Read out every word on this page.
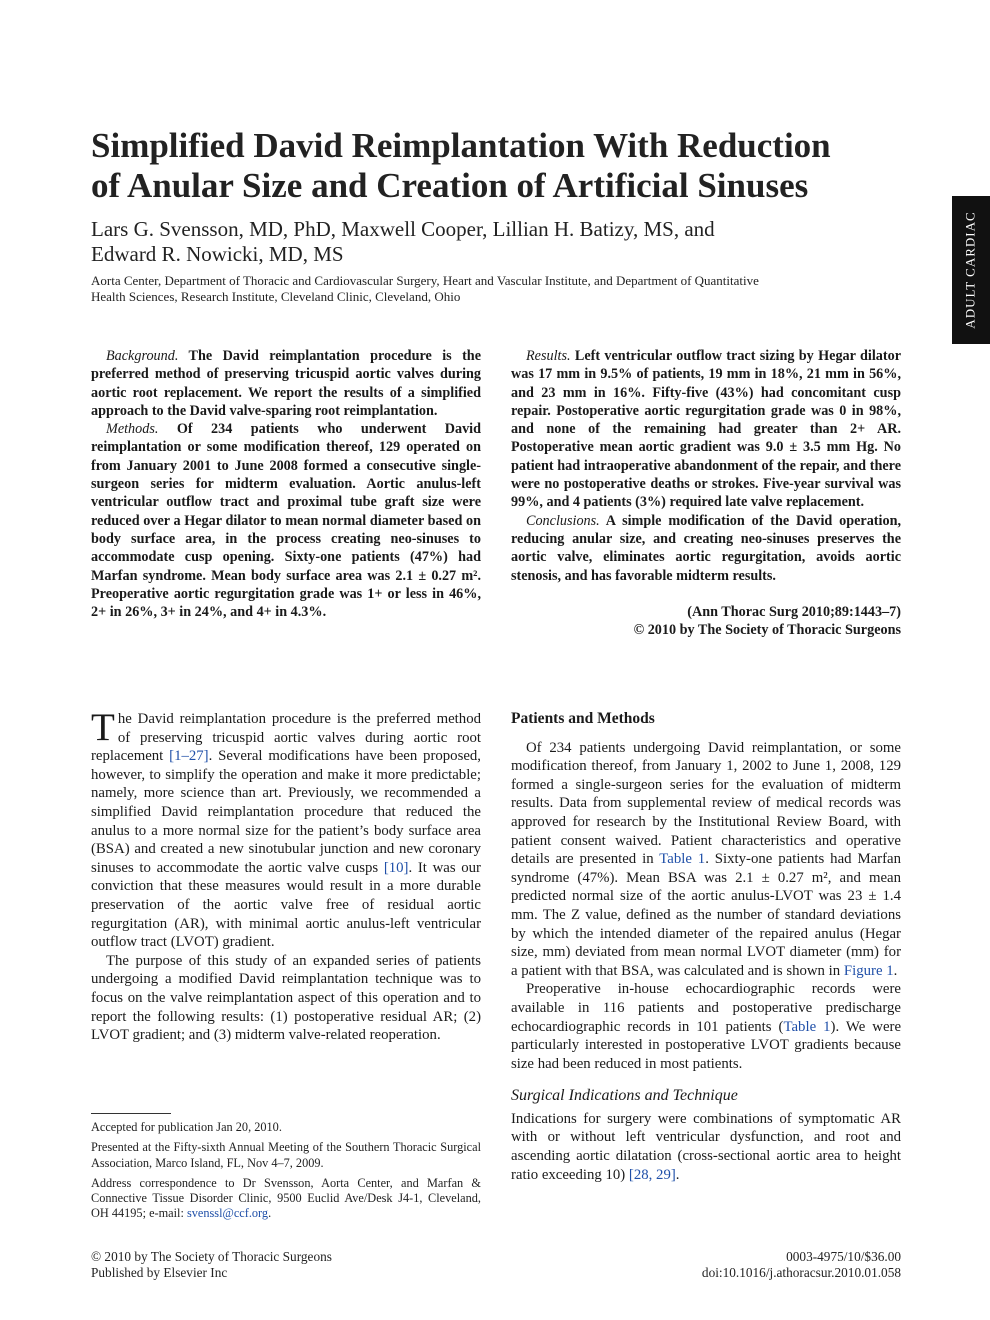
ADULT CARDIAC
Simplified David Reimplantation With Reduction
of Anular Size and Creation of Artificial Sinuses
Lars G. Svensson, MD, PhD, Maxwell Cooper, Lillian H. Batizy, MS, and
Edward R. Nowicki, MD, MS
Aorta Center, Department of Thoracic and Cardiovascular Surgery, Heart and Vascular Institute, and Department of Quantitative
Health Sciences, Research Institute, Cleveland Clinic, Cleveland, Ohio

Background. The David reimplantation procedure is the preferred method of preserving tricuspid aortic valves during aortic root replacement. We report the results of a simplified approach to the David valve-sparing root reimplantation.

Methods. Of 234 patients who underwent David reimplantation or some modification thereof, 129 operated on from January 2001 to June 2008 formed a consecutive single-surgeon series for midterm evaluation. Aortic anulus-left ventricular outflow tract and proximal tube graft size were reduced over a Hegar dilator to mean normal diameter based on body surface area, in the process creating neo-sinuses to accommodate cusp opening. Sixty-one patients (47%) had Marfan syndrome. Mean body surface area was 2.1 ± 0.27 m². Preoperative aortic regurgitation grade was 1+ or less in 46%, 2+ in 26%, 3+ in 24%, and 4+ in 4.3%.

Results. Left ventricular outflow tract sizing by Hegar dilator was 17 mm in 9.5% of patients, 19 mm in 18%, 21 mm in 56%, and 23 mm in 16%. Fifty-five (43%) had concomitant cusp repair. Postoperative aortic regurgitation grade was 0 in 98%, and none of the remaining had greater than 2+ AR. Postoperative mean aortic gradient was 9.0 ± 3.5 mm Hg. No patient had intraoperative abandonment of the repair, and there were no postoperative deaths or strokes. Five-year survival was 99%, and 4 patients (3%) required late valve replacement.

Conclusions. A simple modification of the David operation, reducing anular size, and creating neo-sinuses preserves the aortic valve, eliminates aortic regurgitation, avoids aortic stenosis, and has favorable midterm results.

(Ann Thorac Surg 2010;89:1443–7)
© 2010 by The Society of Thoracic Surgeons

The David reimplantation procedure is the preferred method of preserving tricuspid aortic valves during aortic root replacement [1–27]. Several modifications have been proposed, however, to simplify the operation and make it more predictable; namely, more science than art. Previously, we recommended a simplified David reimplantation procedure that reduced the anulus to a more normal size for the patient’s body surface area (BSA) and created a new sinotubular junction and new coronary sinuses to accommodate the aortic valve cusps [10]. It was our conviction that these measures would result in a more durable preservation of the aortic valve free of residual aortic regurgitation (AR), with minimal aortic anulus-left ventricular outflow tract (LVOT) gradient.

The purpose of this study of an expanded series of patients undergoing a modified David reimplantation technique was to focus on the valve reimplantation aspect of this operation and to report the following results: (1) postoperative residual AR; (2) LVOT gradient; and (3) midterm valve-related reoperation.

Accepted for publication Jan 20, 2010.

Presented at the Fifty-sixth Annual Meeting of the Southern Thoracic Surgical Association, Marco Island, FL, Nov 4–7, 2009.

Address correspondence to Dr Svensson, Aorta Center, and Marfan & Connective Tissue Disorder Clinic, 9500 Euclid Ave/Desk J4-1, Cleveland, OH 44195; e-mail: svenssl@ccf.org.

Patients and Methods

Of 234 patients undergoing David reimplantation, or some modification thereof, from January 1, 2002 to June 1, 2008, 129 formed a single-surgeon series for the evaluation of midterm results. Data from supplemental review of medical records was approved for research by the Institutional Review Board, with patient consent waived. Patient characteristics and operative details are presented in Table 1. Sixty-one patients had Marfan syndrome (47%). Mean BSA was 2.1 ± 0.27 m², and mean predicted normal size of the aortic anulus-LVOT was 23 ± 1.4 mm. The Z value, defined as the number of standard deviations by which the intended diameter of the repaired anulus (Hegar size, mm) deviated from mean normal LVOT diameter (mm) for a patient with that BSA, was calculated and is shown in Figure 1.

Preoperative in-house echocardiographic records were available in 116 patients and postoperative predischarge echocardiographic records in 101 patients (Table 1). We were particularly interested in postoperative LVOT gradients because size had been reduced in most patients.

Surgical Indications and Technique

Indications for surgery were combinations of symptomatic AR with or without left ventricular dysfunction, and root and ascending aortic dilatation (cross-sectional aortic area to height ratio exceeding 10) [28, 29].

© 2010 by The Society of Thoracic Surgeons
Published by Elsevier Inc
0003-4975/10/$36.00
doi:10.1016/j.athoracsur.2010.01.058
